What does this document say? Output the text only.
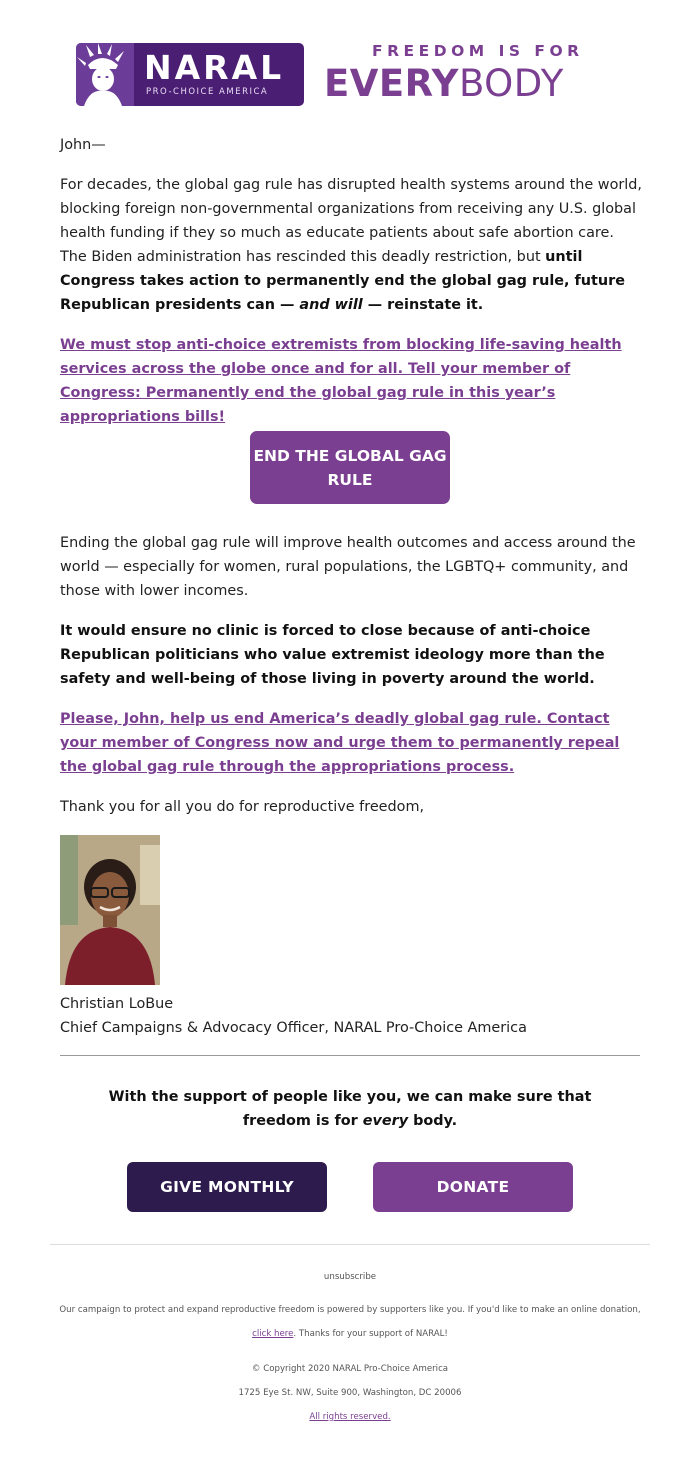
NARAL
PRO-CHOICE AMERICA
FREEDOM IS FOR
EVERYBODY

John—

For decades, the global gag rule has disrupted health systems around the world, blocking foreign non-governmental organizations from receiving any U.S. global health funding if they so much as educate patients about safe abortion care. The Biden administration has rescinded this deadly restriction, but until Congress takes action to permanently end the global gag rule, future Republican presidents can — and will — reinstate it.

We must stop anti-choice extremists from blocking life-saving health services across the globe once and for all. Tell your member of Congress: Permanently end the global gag rule in this year’s appropriations bills!

END THE GLOBAL GAG RULE

Ending the global gag rule will improve health outcomes and access around the world — especially for women, rural populations, the LGBTQ+ community, and those with lower incomes.

It would ensure no clinic is forced to close because of anti-choice Republican politicians who value extremist ideology more than the safety and well-being of those living in poverty around the world.

Please, John, help us end America’s deadly global gag rule. Contact your member of Congress now and urge them to permanently repeal the global gag rule through the appropriations process.

Thank you for all you do for reproductive freedom,

Christian LoBue

Chief Campaigns & Advocacy Officer, NARAL Pro-Choice America

With the support of people like you, we can make sure that freedom is for every body.

GIVE MONTHLY	DONATE
unsubscribe
Our campaign to protect and expand reproductive freedom is powered by supporters like you. If you'd like to make an online donation, click here. Thanks for your support of NARAL!
© Copyright 2020 NARAL Pro-Choice America
1725 Eye St. NW, Suite 900, Washington, DC 20006
All rights reserved.
